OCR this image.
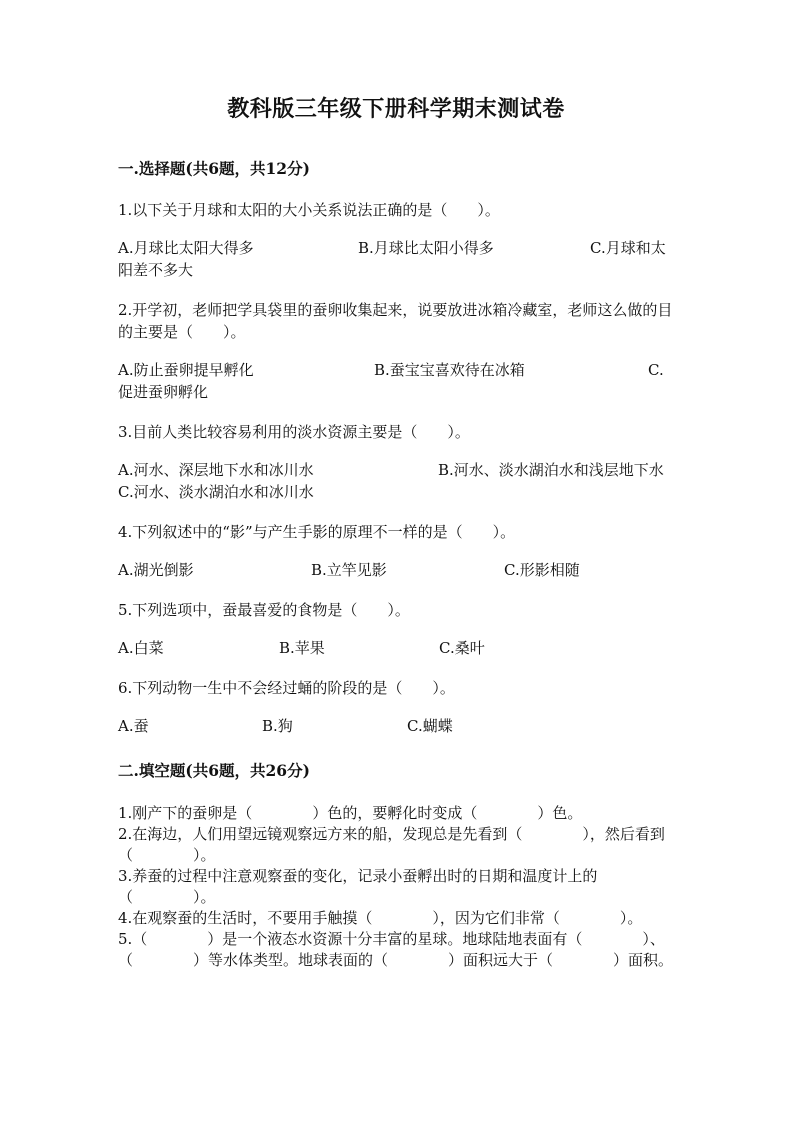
教科版三年级下册科学期末测试卷
一.选择题(共6题，共12分)
1.以下关于月球和太阳的大小关系说法正确的是（　　）。
A.月球比太阳大得多	B.月球比太阳小得多	C.月球和太阳差不多大
2.开学初，老师把学具袋里的蚕卵收集起来，说要放进冰箱冷藏室，老师这么做的目的主要是（　　）。
A.防止蚕卵提早孵化	B.蚕宝宝喜欢待在冰箱	C.促进蚕卵孵化
3.目前人类比较容易利用的淡水资源主要是（　　）。
A.河水、深层地下水和冰川水	B.河水、淡水湖泊水和浅层地下水C.河水、淡水湖泊水和冰川水
4.下列叙述中的“影”与产生手影的原理不一样的是（　　）。
A.湖光倒影	B.立竿见影	C.形影相随
5.下列选项中，蚕最喜爱的食物是（　　）。
A.白菜	B.苹果	C.桑叶
6.下列动物一生中不会经过蛹的阶段的是（　　）。
A.蚕	B.狗	C.蝴蝶
二.填空题(共6题，共26分)
1.刚产下的蚕卵是（　　　　）色的，要孵化时变成（　　　　）色。
2.在海边，人们用望远镜观察远方来的船，发现总是先看到（　　　　），然后看到（　　　　）。
3.养蚕的过程中注意观察蚕的变化，记录小蚕孵出时的日期和温度计上的（　　　　）。
4.在观察蚕的生活时，不要用手触摸（　　　　），因为它们非常（　　　　）。
5.（　　　　）是一个液态水资源十分丰富的星球。地球陆地表面有（　　　　）、（　　　　）等水体类型。地球表面的（　　　　）面积远大于（　　　　）面积。
